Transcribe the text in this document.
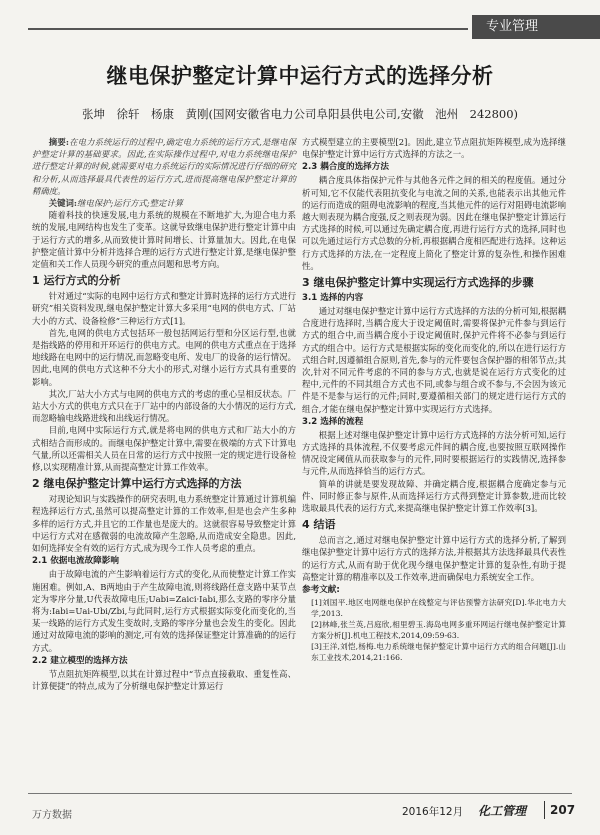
专业管理
继电保护整定计算中运行方式的选择分析
张坤　徐轩　杨康　黄刚(国网安徽省电力公司阜阳县供电公司,安徽　池州　242800)

摘要:在电力系统运行的过程中,确定电力系统的运行方式,是继电保护整定计算的基础要求。因此,在实际操作过程中,对电力系统继电保护进行整定计算的时候,就需要对电力系统运行的实际情况进行仔细的研究和分析,从而选择最具代表性的运行方式,进而提高继电保护整定计算的精确度。

关键词:继电保护;运行方式;整定计算

随着科技的快速发展,电力系统的规模在不断地扩大,为迎合电力系统的发展,电网结构也发生了变革。这就导致继电保护进行整定计算中由于运行方式的增多,从而致使计算时间增长、计算量加大。因此,在电保护整定值计算中分析并选择合理的运行方式进行整定计算,是继电保护整定值和关工作人员现今研究的重点问题和思考方向。

1 运行方式的分析

针对通过“实际的电网中运行方式和整定计算时选择的运行方式进行研究”相关资料发现,继电保护整定计算大多采用“电网的供电方式、厂站大小的方式、设备检修”三种运行方式[1]。

首先,电网的供电方式包括环一般包括网运行型和分区运行型,也就是指线路的停用和开环运行的供电方式。电网的供电方式重点在于选择地线路在电网中的运行情况,而忽略变电所、发电厂的设备的运行情况。因此,电网的供电方式这种不分大小的形式,对继小运行方式具有重要的影响。

其次,厂站大小方式与电网的供电方式的考虑的重心呈相反状态。厂站大小方式的供电方式只在于厂站中的内部设备的大小情况的运行方式,而忽略输电线路进线和出线运行情况。

目前,电网中实际运行方式,就是将电网的供电方式和厂站大小的方式相结合而形成的。而继电保护整定计算中,需要在极端的方式下计算电气量,所以还需相关人员在日常的运行方式中按照一定的规定进行设备检修,以实现精准计算,从而提高整定计算工作效率。

2 继电保护整定计算中运行方式选择的方法

对现论知识与实践操作的研究表明,电力系统整定计算通过计算机编程选择运行方式,虽然可以提高整定计算的工作效率,但是也会产生多种多样的运行方式,并且它的工作量也是庞大的。这就很容易导致整定计算中运行方式对在感微弱的电流故障产生忽略,从而造成安全隐患。因此,如何选择安全有效的运行方式,成为现今工作人员考虑的重点。

2.1 依据电流故障影响

由于故障电流的产生影响着运行方式的变化,从而使整定计算工作实施困难。例如,A、B两地由于产生故障电流,则将线路任意支路中某节点定为零序分量,U代表故障电压;Uabi=Zaici·Iabi,那么支路的零序分量将为:Iabi=Uai-Ubi/Zbi,与此同时,运行方式根据实际变化而变化的,当某一线路的运行方式发生变故时,支路的零序分量也会发生的变化。因此通过对故障电流的影响的测定,可有效的选择保证整定计算准确的的运行方式。

2.2 建立模型的选择方法

节点阻抗矩阵模型,以其在计算过程中“节点直接截取、重复性高、计算便捷”的特点,成为了分析继电保护整定计算运行

方式模型建立的主要模型[2]。因此,建立节点阻抗矩阵模型,成为选择继电保护整定计算中运行方式选择的方法之一。

2.3 耦合度的选择方法

耦合度具体指保护元件与其他各元件之间的相关的程度值。通过分析可知,它不仅能代表阻抗变化与电流之间的关系,也能表示出其他元件的运行而造成的阻碍电流影响的程度,当其他元件的运行对阻碍电流影响越大则表现为耦合度强,反之则表现为弱。因此在继电保护整定计算运行方式选择的时候,可以通过先确定耦合度,再进行运行方式的选择,同时也可以先通过运行方式总数的分析,再根据耦合度相匹配进行选择。这种运行方式选择的方法,在一定程度上简化了整定计算的复杂性,和操作困难性。

3 继电保护整定计算中实现运行方式选择的步骤
3.1 选择的内容

通过对继电保护整定计算中运行方式选择的方法的分析可知,根据耦合度进行选择时,当耦合度大于设定阈值时,需要将保护元件参与到运行方式的组合中,而当耦合度小于设定阈值时,保护元件将不必参与到运行方式的组合中。运行方式是根据实际的变化而变化的,所以在进行运行方式组合时,因遵循组合原则,首先,参与的元件要包含保护器的相邻节点;其次,针对不同元件考虑的不同的参与方式,也就是说在运行方式变化的过程中,元件的不同其组合方式也不同,或参与组合或不参与,不会因为该元件是不是参与运行的元件;同时,要遵循相关部门的规定进行运行方式的组合,才能在继电保护整定计算中实现运行方式选择。

3.2 选择的流程

根据上述对继电保护整定计算中运行方式选择的方法分析可知,运行方式选择的具体流程,不仅要考虑元件间的耦合度,也要按照互联网操作情况设定阈值从而获取参与的元件,同时要根据运行的实践情况,选择参与元件,从而选择恰当的运行方式。

简单的讲就是要发现故障、并确定耦合度,根据耦合度确定参与元件、同时修正参与原件,从而选择运行方式得到整定计算参数,进而比较选取最具代表的运行方式,来提高继电保护整定计算工作效率[3]。

4 结语

总而言之,通过对继电保护整定计算中运行方式的选择分析,了解到继电保护整定计算中运行方式的选择方法,并根据其方法选择最具代表性的运行方式,从而有助于优化现今继电保护整定计算的复杂性,有助于提高整定计算的精准率以及工作效率,进而确保电力系统安全工作。

参考文献:

[1]刘国平.地区电网继电保护在线整定与评估预警方法研究[D].华北电力大学,2013.

[2]林峰,张兰英,吕庭欣,相里碧玉.海岛电网多重环网运行继电保护整定计算方案分析[J].机电工程技术,2014,09:59-63.

[3]王洋,刘恺,杨梅.电力系统继电保护整定计算中运行方式的组合问题[J].山东工业技术,2014,21:166.

万方数据	2016年12月 化工管理 207
